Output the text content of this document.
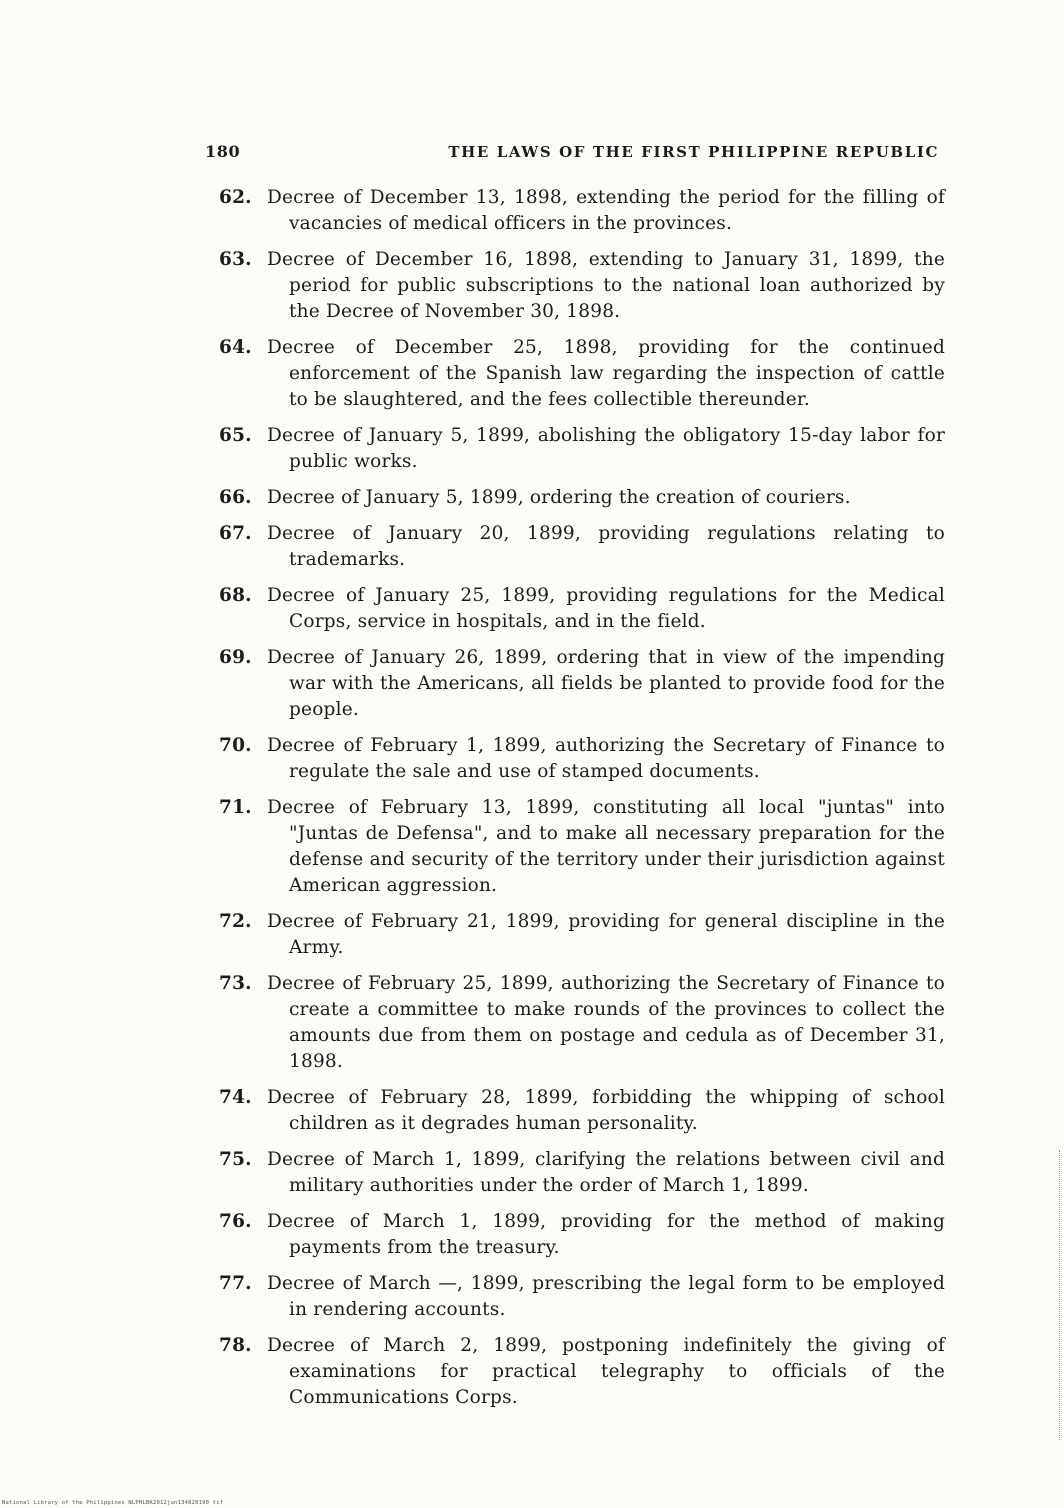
180	THE LAWS OF THE FIRST PHILIPPINE REPUBLIC
62. Decree of December 13, 1898, extending the period for the filling of vacancies of medical officers in the provinces.
63. Decree of December 16, 1898, extending to January 31, 1899, the period for public subscriptions to the national loan authorized by the Decree of November 30, 1898.
64. Decree of December 25, 1898, providing for the continued enforcement of the Spanish law regarding the inspection of cattle to be slaughtered, and the fees collectible thereunder.
65. Decree of January 5, 1899, abolishing the obligatory 15-day labor for public works.
66. Decree of January 5, 1899, ordering the creation of couriers.
67. Decree of January 20, 1899, providing regulations relating to trademarks.
68. Decree of January 25, 1899, providing regulations for the Medical Corps, service in hospitals, and in the field.
69. Decree of January 26, 1899, ordering that in view of the impending war with the Americans, all fields be planted to provide food for the people.
70. Decree of February 1, 1899, authorizing the Secretary of Finance to regulate the sale and use of stamped documents.
71. Decree of February 13, 1899, constituting all local "juntas" into "Juntas de Defensa", and to make all necessary preparation for the defense and security of the territory under their jurisdiction against American aggression.
72. Decree of February 21, 1899, providing for general discipline in the Army.
73. Decree of February 25, 1899, authorizing the Secretary of Finance to create a committee to make rounds of the provinces to collect the amounts due from them on postage and cedula as of December 31, 1898.
74. Decree of February 28, 1899, forbidding the whipping of school children as it degrades human personality.
75. Decree of March 1, 1899, clarifying the relations between civil and military authorities under the order of March 1, 1899.
76. Decree of March 1, 1899, providing for the method of making payments from the treasury.
77. Decree of March —, 1899, prescribing the legal form to be employed in rendering accounts.
78. Decree of March 2, 1899, postponing indefinitely the giving of examinations for practical telegraphy to officials of the Communications Corps.
National Library of the Philippines NLPHLBK2012jun134820190 tif
